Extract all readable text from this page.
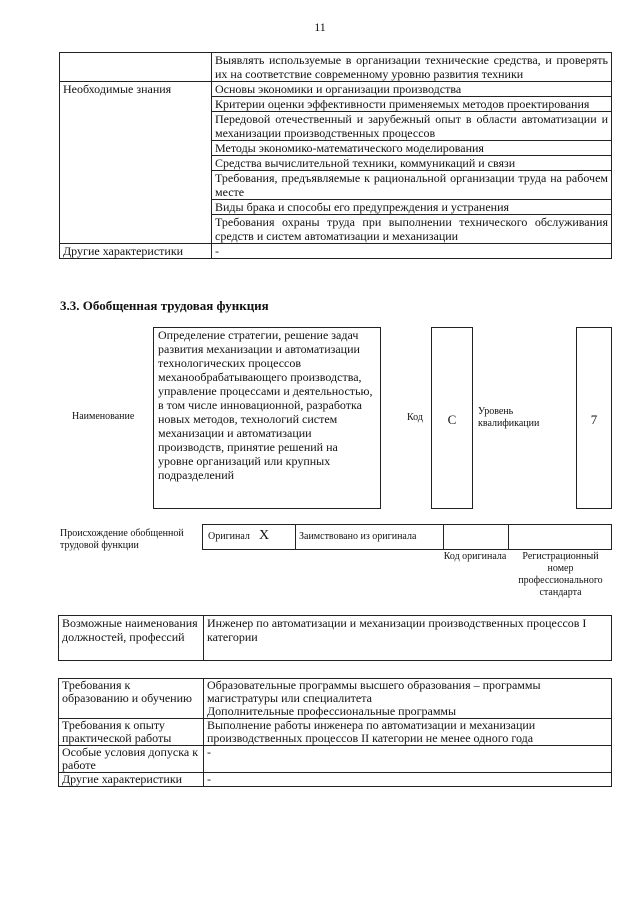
11
	Выявлять используемые в организации технические средства, и проверять их на соответствие современному уровню развития техники
Необходимые знания	Основы экономики и организации производства
	Критерии оценки эффективности применяемых методов проектирования
	Передовой отечественный и зарубежный опыт в области автоматизации и механизации производственных процессов
	Методы экономико-математического моделирования
	Средства вычислительной техники, коммуникаций и связи
	Требования, предъявляемые к рациональной организации труда на рабочем месте
	Виды брака и способы его предупреждения и устранения
	Требования охраны труда при выполнении технического обслуживания средств и систем автоматизации и механизации
Другие характеристики	-
3.3. Обобщенная трудовая функция
Наименование
Определение стратегии, решение задач развития механизации и автоматизации технологических процессов механообрабатывающего производства, управление процессами и деятельностью, в том числе инновационной, разработка новых методов, технологий систем механизации и автоматизации производств, принятие решений на уровне организаций или крупных подразделений
Код	C
Уровень квалификации	7
Происхождение обобщенной трудовой функции
Оригинал X	Заимствовано из оригинала
Код оригинала	Регистрационный номер профессионального стандарта
Возможные наименования должностей, профессий	Инженер по автоматизации и механизации производственных процессов I категории
Требования к образованию и обучению	Образовательные программы высшего образования – программы магистратуры или специалитета
Дополнительные профессиональные программы

Требования к опыту практической работы	Выполнение работы инженера по автоматизации и механизации производственных процессов II категории не менее одного года
Особые условия допуска к работе	-
Другие характеристики	-
